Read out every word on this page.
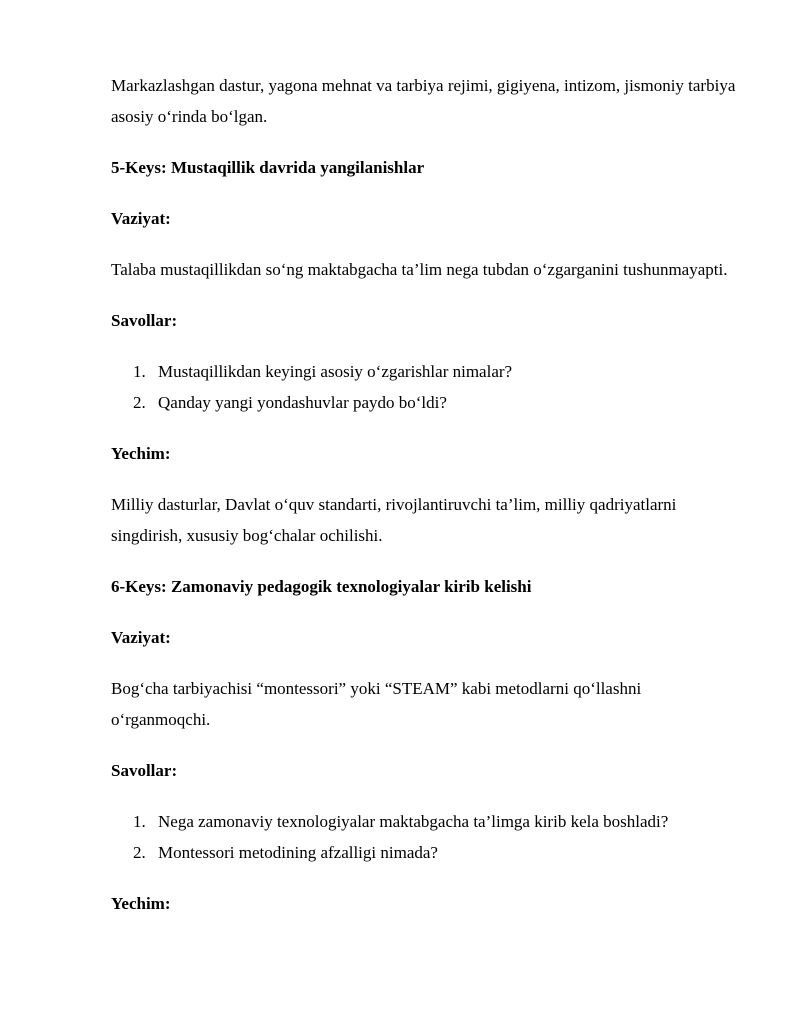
Markazlashgan dastur, yagona mehnat va tarbiya rejimi, gigiyena, intizom, jismoniy tarbiya asosiy o‘rinda bo‘lgan.

5-Keys: Mustaqillik davrida yangilanishlar

Vaziyat:

Talaba mustaqillikdan so‘ng maktabgacha ta’lim nega tubdan o‘zgarganini tushunmayapti.

Savollar:

1. Mustaqillikdan keyingi asosiy o‘zgarishlar nimalar?
2. Qanday yangi yondashuvlar paydo bo‘ldi?

Yechim:

Milliy dasturlar, Davlat o‘quv standarti, rivojlantiruvchi ta’lim, milliy qadriyatlarni singdirish, xususiy bog‘chalar ochilishi.

6-Keys: Zamonaviy pedagogik texnologiyalar kirib kelishi

Vaziyat:

Bog‘cha tarbiyachisi “montessori” yoki “STEAM” kabi metodlarni qo‘llashni o‘rganmoqchi.

Savollar:

1. Nega zamonaviy texnologiyalar maktabgacha ta’limga kirib kela boshladi?
2. Montessori metodining afzalligi nimada?

Yechim:
